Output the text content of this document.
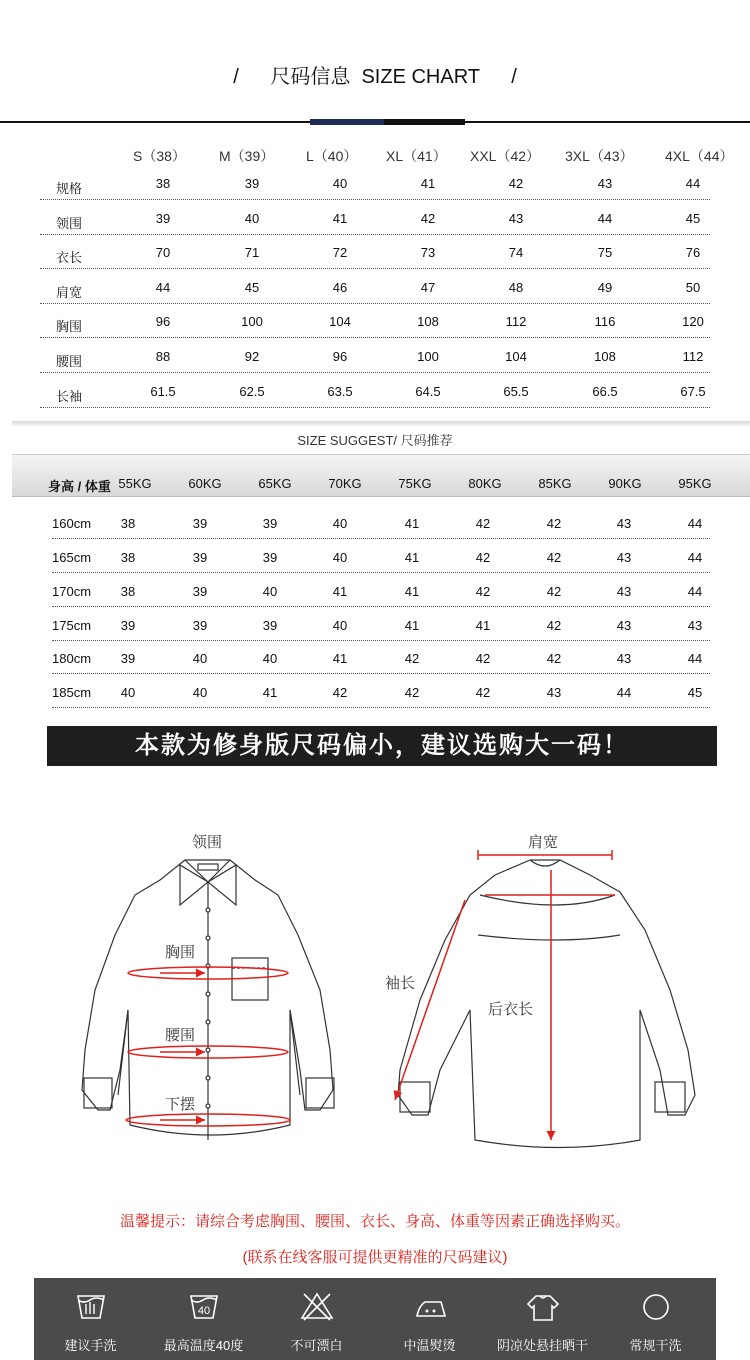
/ 尺码信息  SIZE CHART /
S（38） M（39） L（40） XL（41） XXL（42） 3XL（43） 4XL（44）
规格	38	39	40	41	42	43	44
领围	39	40	41	42	43	44	45
衣长	70	71	72	73	74	75	76
肩宽	44	45	46	47	48	49	50
胸围	96	100	104	108	112	116	120
腰围	88	92	96	100	104	108	112
长袖	61.5	62.5	63.5	64.5	65.5	66.5	67.5
SIZE SUGGEST/ 尺码推荐
身高 / 体重 55KG	60KG	65KG	70KG	75KG	80KG	85KG	90KG	95KG
160cm	38	39	39	40	41	42	42	43	44
165cm	38	39	39	40	41	42	42	43	44
170cm	38	39	40	41	41	42	42	43	44
175cm	39	39	39	40	41	41	42	43	43
180cm	39	40	40	41	42	42	42	43	44
185cm	40	40	41	42	42	42	43	44	45
本款为修身版尺码偏小，建议选购大一码！
领围
胸围
腰围
下摆
肩宽
袖长
后衣长
温馨提示：请综合考虑胸围、腰围、衣长、身高、体重等因素正确选择购买。
(联系在线客服可提供更精准的尺码建议)
建议手洗
40
最高温度40度	不可漂白	中温熨烫	阴凉处悬挂晒干	常规干洗
